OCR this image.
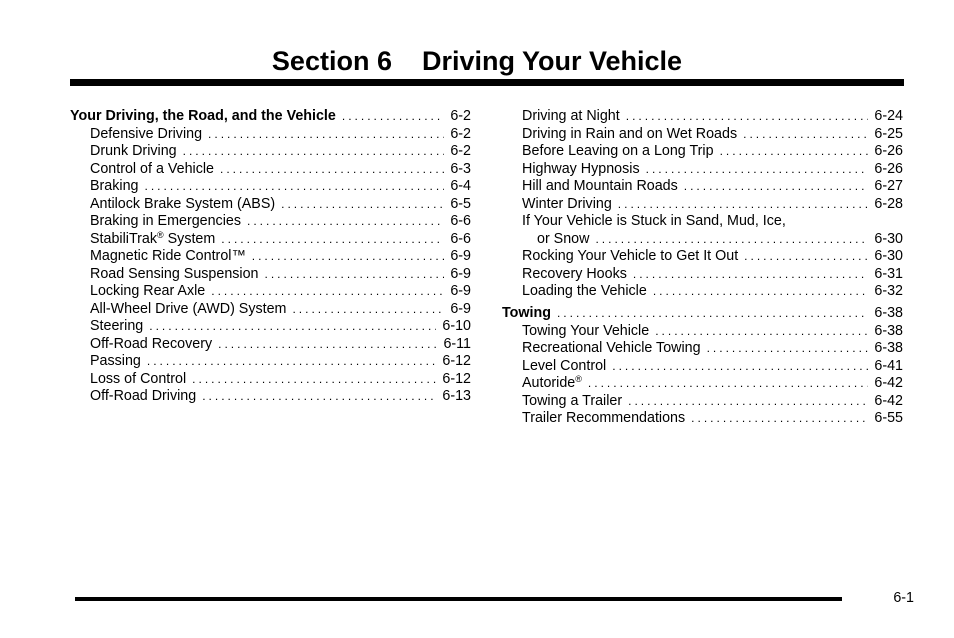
Section 6    Driving Your Vehicle
Your Driving, the Road, and the Vehicle .....	6-2
Defensive Driving .....	6-2
Drunk Driving .....	6-2
Control of a Vehicle .....	6-3
Braking .....	6-4
Antilock Brake System (ABS) .....	6-5
Braking in Emergencies .....	6-6
StabiliTrak® System .....	6-6
Magnetic Ride Control™ .....	6-9
Road Sensing Suspension .....	6-9
Locking Rear Axle .....	6-9
All-Wheel Drive (AWD) System .....	6-9
Steering .....	6-10
Off-Road Recovery .....	6-11
Passing .....	6-12
Loss of Control .....	6-12
Off-Road Driving .....	6-13
Driving at Night .....	6-24
Driving in Rain and on Wet Roads .....	6-25
Before Leaving on a Long Trip .....	6-26
Highway Hypnosis .....	6-26
Hill and Mountain Roads .....	6-27
Winter Driving .....	6-28
If Your Vehicle is Stuck in Sand, Mud, Ice,
or Snow .....	6-30
Rocking Your Vehicle to Get It Out .....	6-30
Recovery Hooks .....	6-31
Loading the Vehicle .....	6-32
Towing .....	6-38
Towing Your Vehicle .....	6-38
Recreational Vehicle Towing .....	6-38
Level Control .....	6-41
Autoride® .....	6-42
Towing a Trailer .....	6-42
Trailer Recommendations .....	6-55
6-1
